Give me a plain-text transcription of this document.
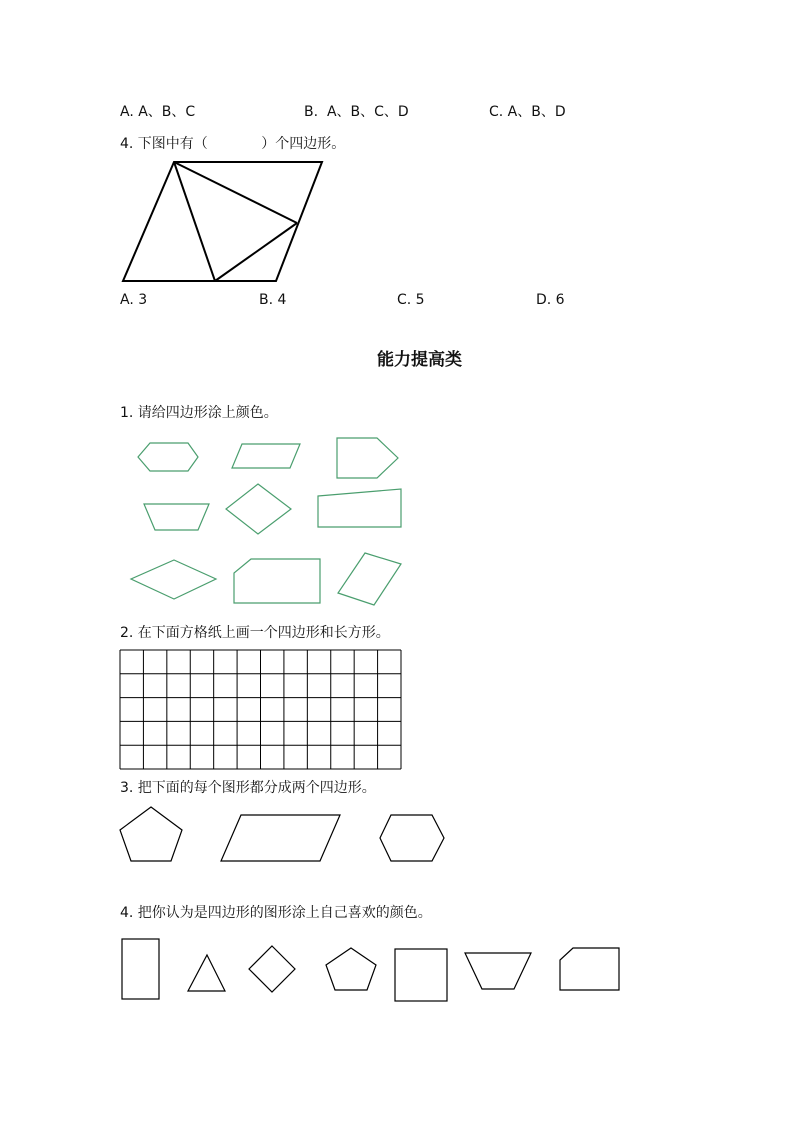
A. A、B、C	B.  A、B、C、D	C. A、B、D
4. 下图中有（            ）个四边形。
A. 3	B. 4	C. 5	D. 6
能力提高类
1. 请给四边形涂上颜色。
2. 在下面方格纸上画一个四边形和长方形。
3. 把下面的每个图形都分成两个四边形。
4. 把你认为是四边形的图形涂上自己喜欢的颜色。
